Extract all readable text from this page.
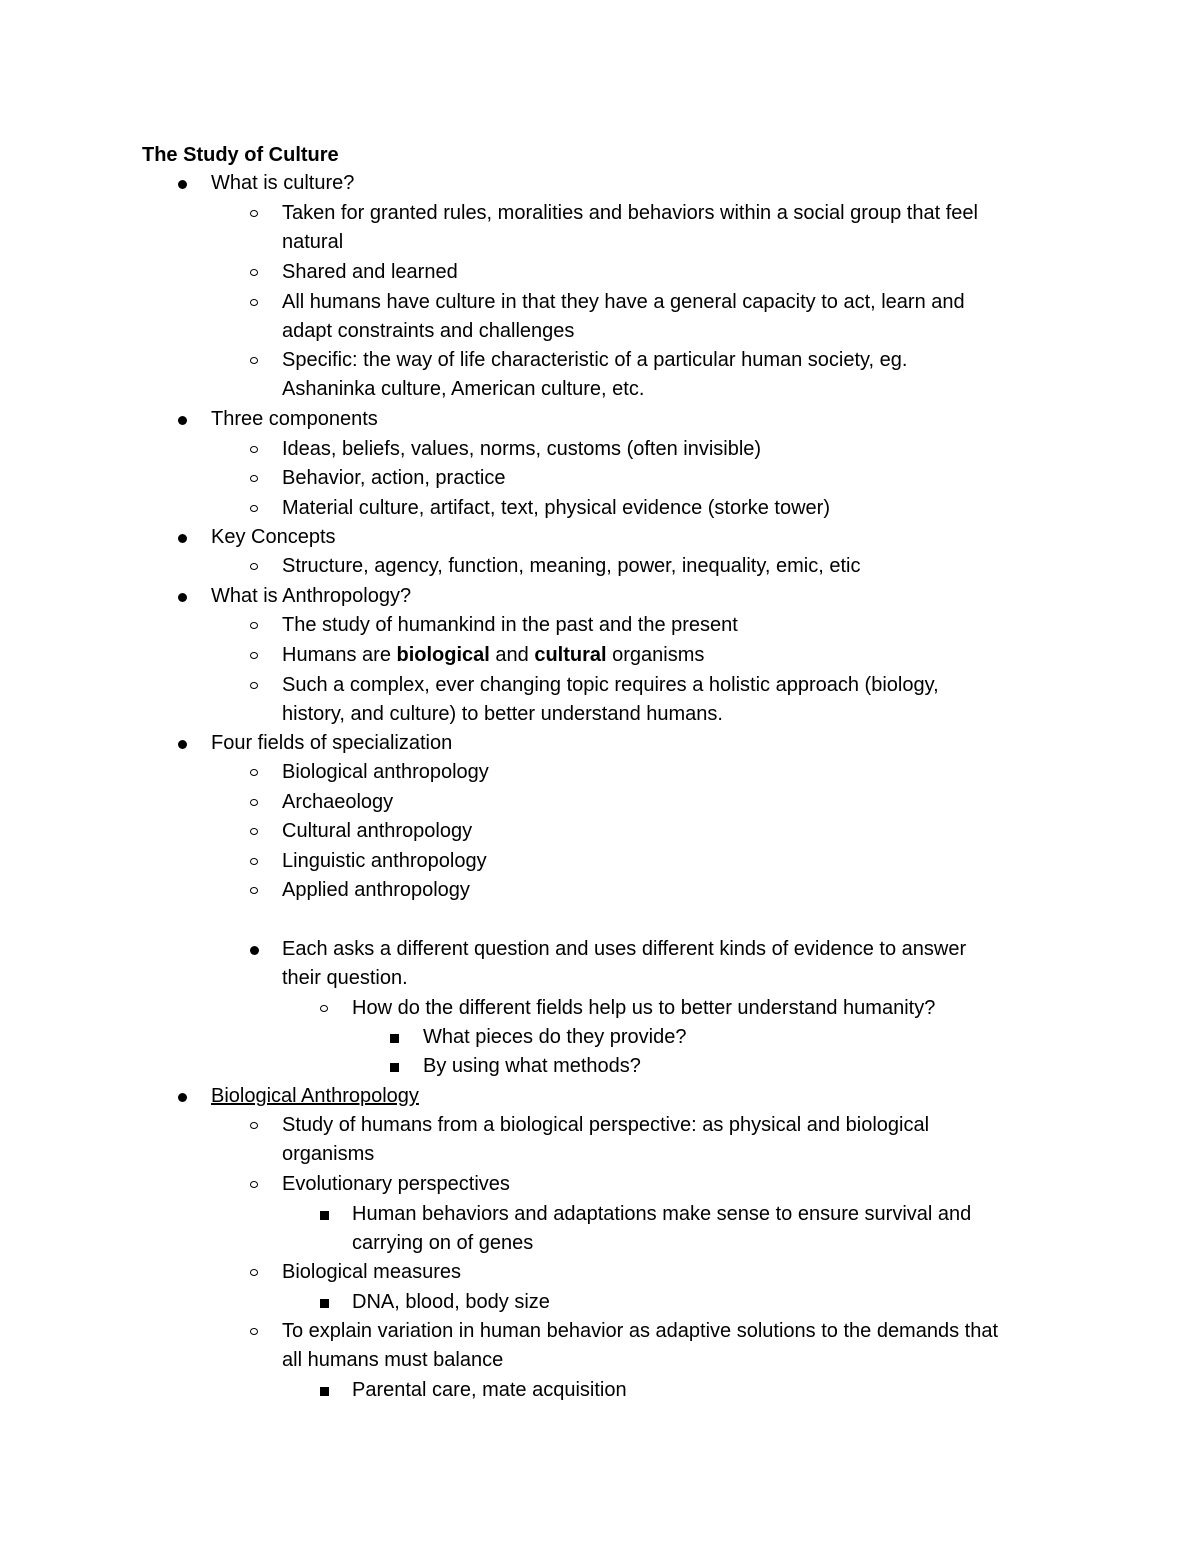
The Study of Culture
What is culture?
Taken for granted rules, moralities and behaviors within a social group that feel
natural
Shared and learned
All humans have culture in that they have a general capacity to act, learn and
adapt constraints and challenges
Specific: the way of life characteristic of a particular human society, eg.
Ashaninka culture, American culture, etc.
Three components
Ideas, beliefs, values, norms, customs (often invisible)
Behavior, action, practice
Material culture, artifact, text, physical evidence (storke tower)
Key Concepts
Structure, agency, function, meaning, power, inequality, emic, etic
What is Anthropology?
The study of humankind in the past and the present
Humans are biological and cultural organisms
Such a complex, ever changing topic requires a holistic approach (biology,
history, and culture) to better understand humans.
Four fields of specialization
Biological anthropology
Archaeology
Cultural anthropology
Linguistic anthropology
Applied anthropology
Each asks a different question and uses different kinds of evidence to answer
their question.
How do the different fields help us to better understand humanity?
What pieces do they provide?
By using what methods?
Biological Anthropology
Study of humans from a biological perspective: as physical and biological
organisms
Evolutionary perspectives
Human behaviors and adaptations make sense to ensure survival and
carrying on of genes
Biological measures
DNA, blood, body size
To explain variation in human behavior as adaptive solutions to the demands that
all humans must balance
Parental care, mate acquisition
